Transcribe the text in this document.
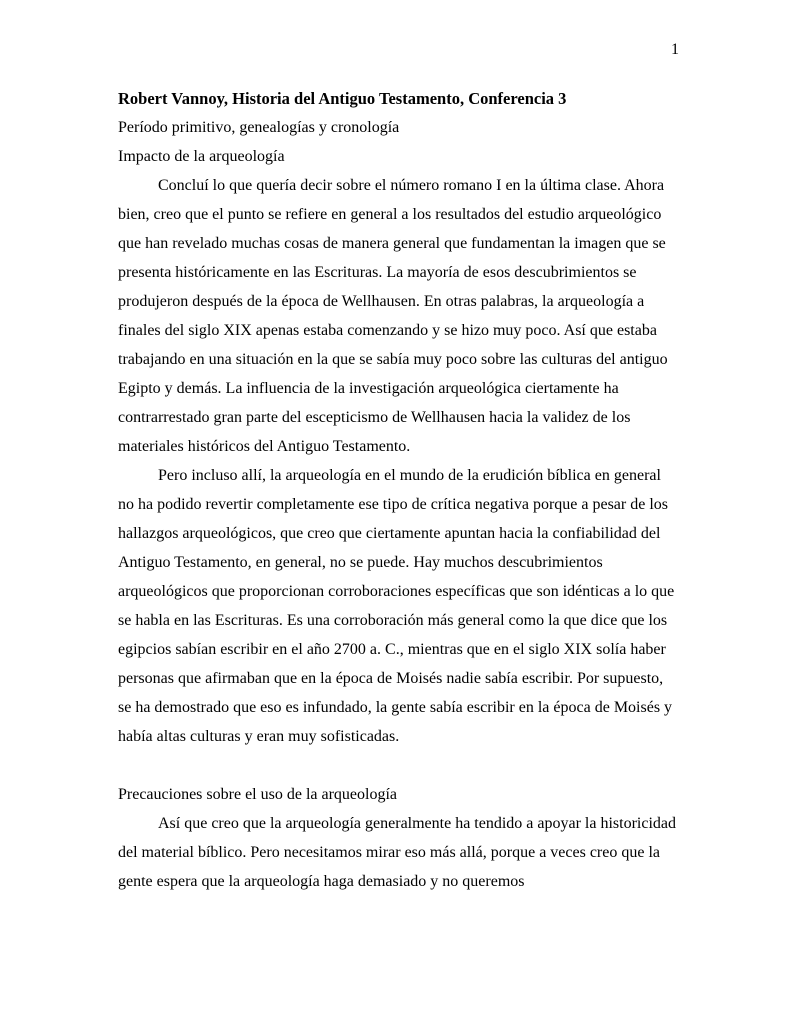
1

Robert Vannoy, Historia del Antiguo Testamento, Conferencia 3

Período primitivo, genealogías y cronología

Impacto de la arqueología

Concluí lo que quería decir sobre el número romano I en la última clase. Ahora bien, creo que el punto se refiere en general a los resultados del estudio arqueológico que han revelado muchas cosas de manera general que fundamentan la imagen que se presenta históricamente en las Escrituras. La mayoría de esos descubrimientos se produjeron después de la época de Wellhausen. En otras palabras, la arqueología a finales del siglo XIX apenas estaba comenzando y se hizo muy poco. Así que estaba trabajando en una situación en la que se sabía muy poco sobre las culturas del antiguo Egipto y demás. La influencia de la investigación arqueológica ciertamente ha contrarrestado gran parte del escepticismo de Wellhausen hacia la validez de los materiales históricos del Antiguo Testamento.

Pero incluso allí, la arqueología en el mundo de la erudición bíblica en general no ha podido revertir completamente ese tipo de crítica negativa porque a pesar de los hallazgos arqueológicos, que creo que ciertamente apuntan hacia la confiabilidad del Antiguo Testamento, en general, no se puede. Hay muchos descubrimientos arqueológicos que proporcionan corroboraciones específicas que son idénticas a lo que se habla en las Escrituras. Es una corroboración más general como la que dice que los egipcios sabían escribir en el año 2700 a. C., mientras que en el siglo XIX solía haber personas que afirmaban que en la época de Moisés nadie sabía escribir. Por supuesto, se ha demostrado que eso es infundado, la gente sabía escribir en la época de Moisés y había altas culturas y eran muy sofisticadas.

Precauciones sobre el uso de la arqueología

Así que creo que la arqueología generalmente ha tendido a apoyar la historicidad del material bíblico. Pero necesitamos mirar eso más allá, porque a veces creo que la gente espera que la arqueología haga demasiado y no queremos
